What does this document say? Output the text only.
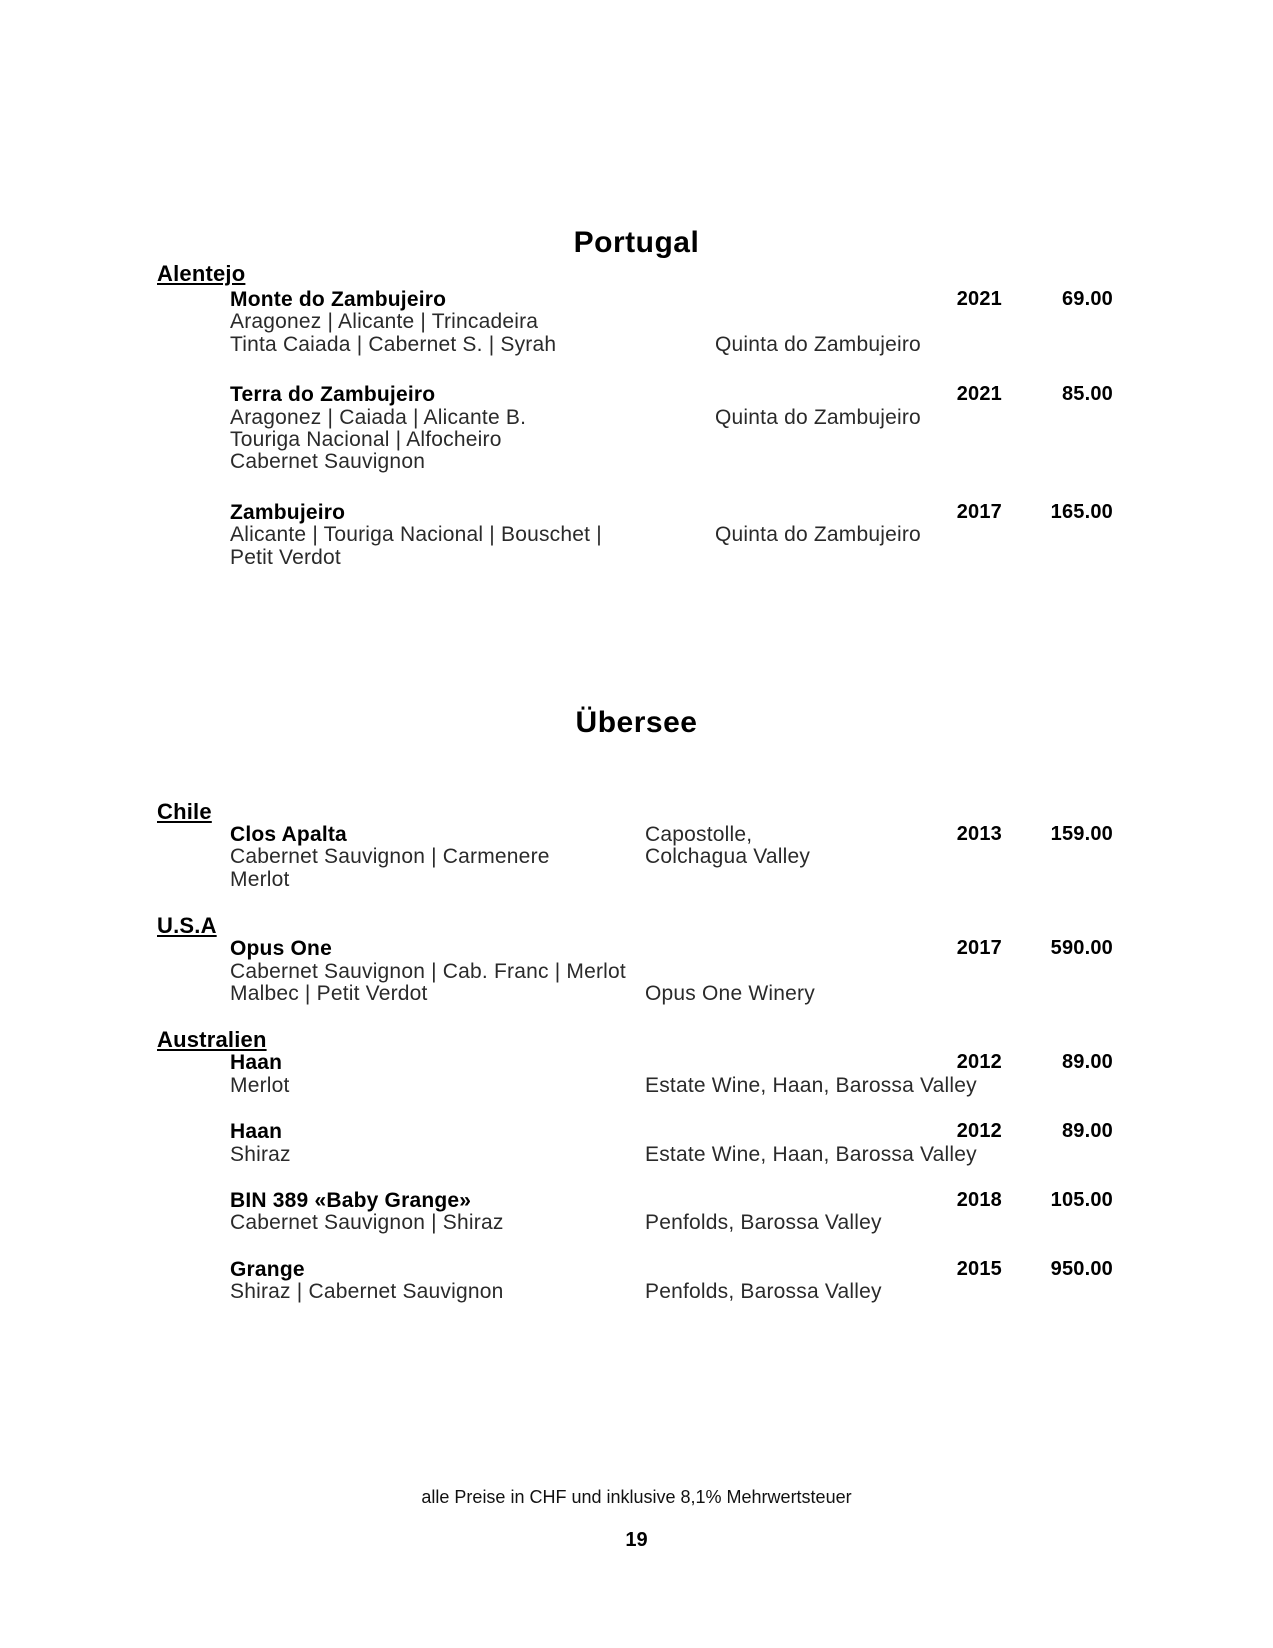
Portugal
Alentejo
Monte do Zambujeiro	2021	69.00
Aragonez | Alicante | Trincadeira
Tinta Caiada | Cabernet S. | Syrah	Quinta do Zambujeiro
Terra do Zambujeiro	2021	85.00
Aragonez | Caiada | Alicante B.	Quinta do Zambujeiro
Touriga Nacional | Alfocheiro
Cabernet Sauvignon
Zambujeiro	2017	165.00
Alicante | Touriga Nacional | Bouschet |	Quinta do Zambujeiro
Petit Verdot
Übersee
Chile
Clos Apalta	Capostolle,	2013	159.00
Cabernet Sauvignon | Carmenere	Colchagua Valley
Merlot
U.S.A
Opus One	2017	590.00
Cabernet Sauvignon | Cab. Franc | Merlot
Malbec | Petit Verdot	Opus One Winery
Australien
Haan	2012	89.00
Merlot	Estate Wine, Haan, Barossa Valley
Haan	2012	89.00
Shiraz	Estate Wine, Haan, Barossa Valley
BIN 389 «Baby Grange»	2018	105.00
Cabernet Sauvignon | Shiraz	Penfolds, Barossa Valley
Grange	2015	950.00
Shiraz | Cabernet Sauvignon	Penfolds, Barossa Valley
alle Preise in CHF und inklusive 8,1% Mehrwertsteuer
19
